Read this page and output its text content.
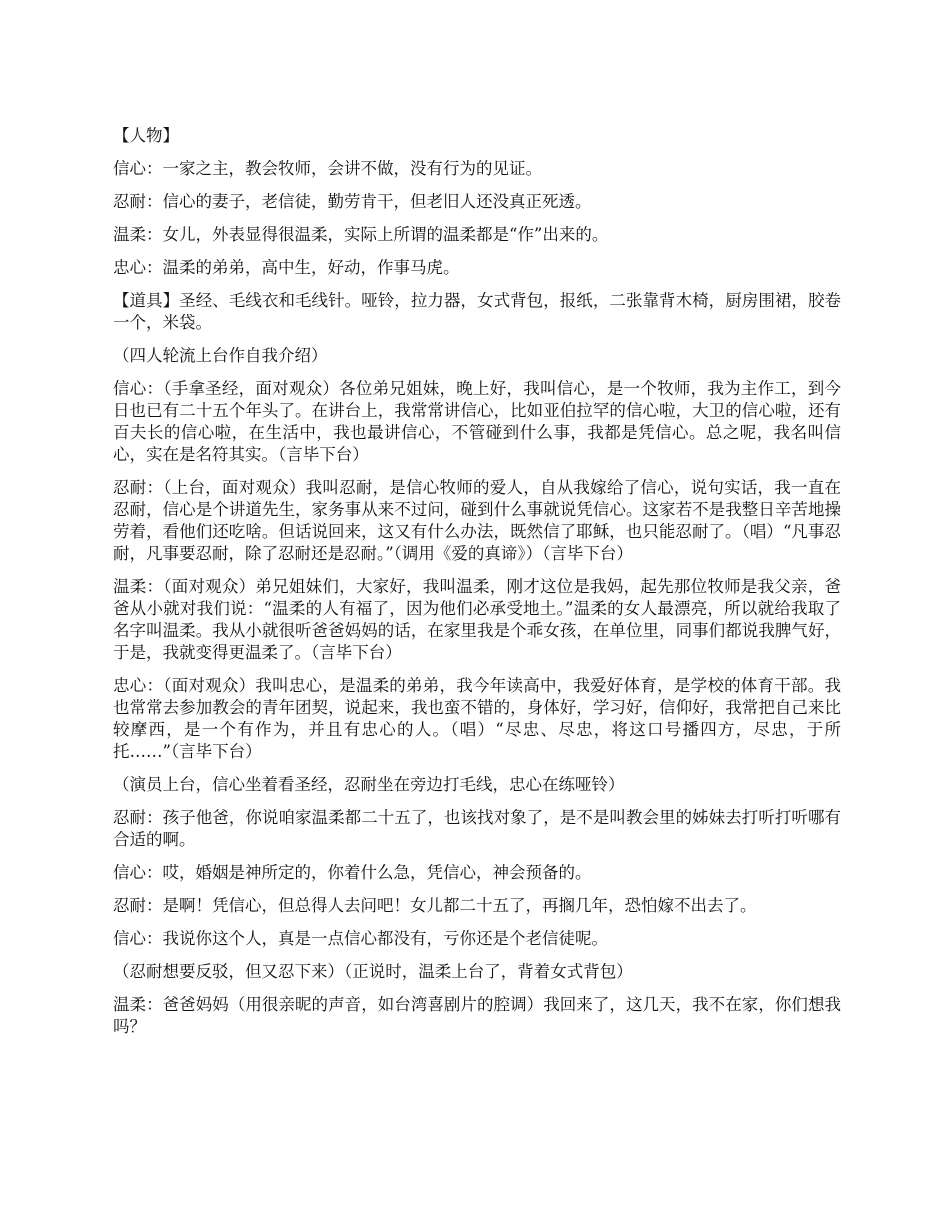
【人物】

信心：一家之主，教会牧师，会讲不做，没有行为的见证。

忍耐：信心的妻子，老信徒，勤劳肯干，但老旧人还没真正死透。

温柔：女儿，外表显得很温柔，实际上所谓的温柔都是“作”出来的。

忠心：温柔的弟弟，高中生，好动，作事马虎。

【道具】圣经、毛线衣和毛线针。哑铃，拉力器，女式背包，报纸，二张靠背木椅，厨房围裙，胶卷一个，米袋。

（四人轮流上台作自我介绍）

信心：（手拿圣经，面对观众）各位弟兄姐妹，晚上好，我叫信心，是一个牧师，我为主作工，到今日也已有二十五个年头了。在讲台上，我常常讲信心，比如亚伯拉罕的信心啦，大卫的信心啦，还有百夫长的信心啦，在生活中，我也最讲信心，不管碰到什么事，我都是凭信心。总之呢，我名叫信心，实在是名符其实。（言毕下台）

忍耐：（上台，面对观众）我叫忍耐，是信心牧师的爱人，自从我嫁给了信心，说句实话，我一直在忍耐，信心是个讲道先生，家务事从来不过问，碰到什么事就说凭信心。这家若不是我整日辛苦地操劳着，看他们还吃啥。但话说回来，这又有什么办法，既然信了耶稣，也只能忍耐了。（唱）“凡事忍耐，凡事要忍耐，除了忍耐还是忍耐。”（调用《爱的真谛》）（言毕下台）

温柔：（面对观众）弟兄姐妹们，大家好，我叫温柔，刚才这位是我妈，起先那位牧师是我父亲，爸爸从小就对我们说：“温柔的人有福了，因为他们必承受地土。”温柔的女人最漂亮，所以就给我取了名字叫温柔。我从小就很听爸爸妈妈的话，在家里我是个乖女孩，在单位里，同事们都说我脾气好，于是，我就变得更温柔了。（言毕下台）

忠心：（面对观众）我叫忠心，是温柔的弟弟，我今年读高中，我爱好体育，是学校的体育干部。我也常常去参加教会的青年团契，说起来，我也蛮不错的，身体好，学习好，信仰好，我常把自己来比较摩西，是一个有作为，并且有忠心的人。（唱）“尽忠、尽忠，将这口号播四方，尽忠，于所托……”（言毕下台）

（演员上台，信心坐着看圣经，忍耐坐在旁边打毛线，忠心在练哑铃）

忍耐：孩子他爸，你说咱家温柔都二十五了，也该找对象了，是不是叫教会里的姊妹去打听打听哪有合适的啊。

信心：哎，婚姻是神所定的，你着什么急，凭信心，神会预备的。

忍耐：是啊！凭信心，但总得人去问吧！女儿都二十五了，再搁几年，恐怕嫁不出去了。

信心：我说你这个人，真是一点信心都没有，亏你还是个老信徒呢。

（忍耐想要反驳，但又忍下来）（正说时，温柔上台了，背着女式背包）

温柔：爸爸妈妈（用很亲昵的声音，如台湾喜剧片的腔调）我回来了，这几天，我不在家，你们想我吗？
